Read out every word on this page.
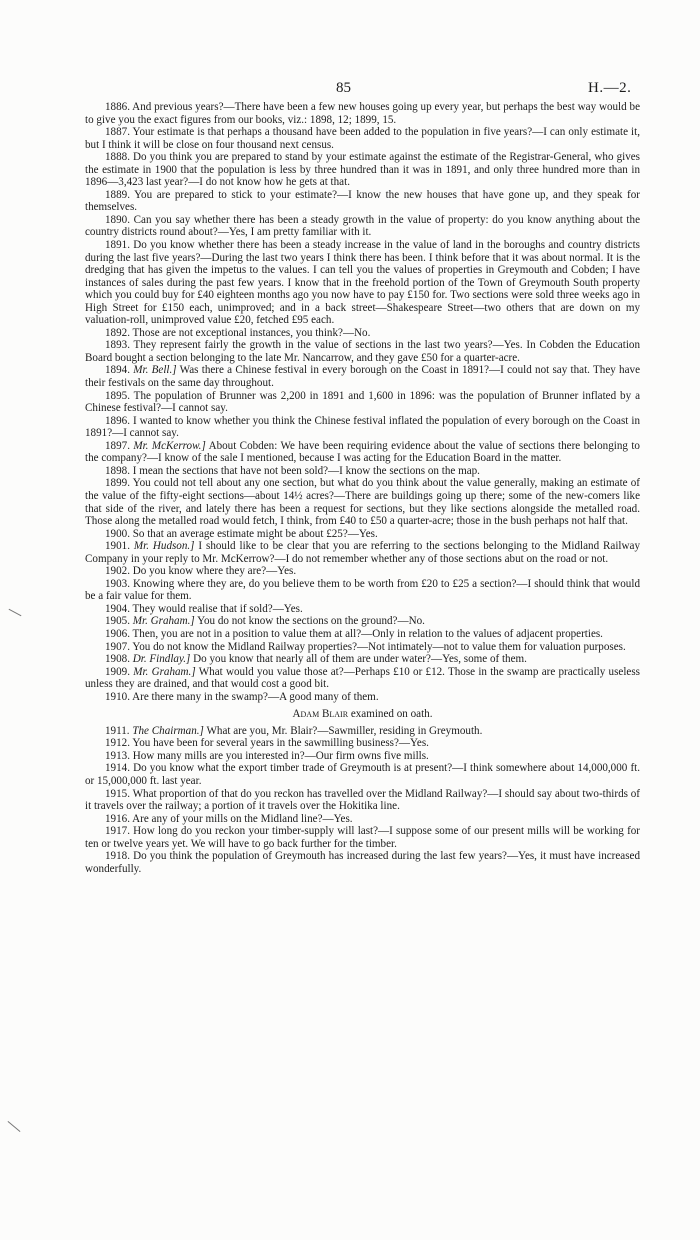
85	H.—2.

1886. And previous years?—There have been a few new houses going up every year, but perhaps the best way would be to give you the exact figures from our books, viz.: 1898, 12; 1899, 15.

1887. Your estimate is that perhaps a thousand have been added to the population in five years?—I can only estimate it, but I think it will be close on four thousand next census.

1888. Do you think you are prepared to stand by your estimate against the estimate of the Registrar-General, who gives the estimate in 1900 that the population is less by three hundred than it was in 1891, and only three hundred more than in 1896—3,423 last year?—I do not know how he gets at that.

1889. You are prepared to stick to your estimate?—I know the new houses that have gone up, and they speak for themselves.

1890. Can you say whether there has been a steady growth in the value of property: do you know anything about the country districts round about?—Yes, I am pretty familiar with it.

1891. Do you know whether there has been a steady increase in the value of land in the boroughs and country districts during the last five years?—During the last two years I think there has been. I think before that it was about normal. It is the dredging that has given the impetus to the values. I can tell you the values of properties in Greymouth and Cobden; I have instances of sales during the past few years. I know that in the freehold portion of the Town of Greymouth South property which you could buy for £40 eighteen months ago you now have to pay £150 for. Two sections were sold three weeks ago in High Street for £150 each, unimproved; and in a back street—Shakespeare Street—two others that are down on my valuation-roll, unimproved value £20, fetched £95 each.

1892. Those are not exceptional instances, you think?—No.

1893. They represent fairly the growth in the value of sections in the last two years?—Yes. In Cobden the Education Board bought a section belonging to the late Mr. Nancarrow, and they gave £50 for a quarter-acre.

1894. Mr. Bell.] Was there a Chinese festival in every borough on the Coast in 1891?—I could not say that. They have their festivals on the same day throughout.

1895. The population of Brunner was 2,200 in 1891 and 1,600 in 1896: was the population of Brunner inflated by a Chinese festival?—I cannot say.

1896. I wanted to know whether you think the Chinese festival inflated the population of every borough on the Coast in 1891?—I cannot say.

1897. Mr. McKerrow.] About Cobden: We have been requiring evidence about the value of sections there belonging to the company?—I know of the sale I mentioned, because I was acting for the Education Board in the matter.

1898. I mean the sections that have not been sold?—I know the sections on the map.

1899. You could not tell about any one section, but what do you think about the value generally, making an estimate of the value of the fifty-eight sections—about 14½ acres?—There are buildings going up there; some of the new-comers like that side of the river, and lately there has been a request for sections, but they like sections alongside the metalled road. Those along the metalled road would fetch, I think, from £40 to £50 a quarter-acre; those in the bush perhaps not half that.

1900. So that an average estimate might be about £25?—Yes.

1901. Mr. Hudson.] I should like to be clear that you are referring to the sections belonging to the Midland Railway Company in your reply to Mr. McKerrow?—I do not remember whether any of those sections abut on the road or not.

1902. Do you know where they are?—Yes.

1903. Knowing where they are, do you believe them to be worth from £20 to £25 a section?—I should think that would be a fair value for them.

1904. They would realise that if sold?—Yes.

1905. Mr. Graham.] You do not know the sections on the ground?—No.

1906. Then, you are not in a position to value them at all?—Only in relation to the values of adjacent properties.

1907. You do not know the Midland Railway properties?—Not intimately—not to value them for valuation purposes.

1908. Dr. Findlay.] Do you know that nearly all of them are under water?—Yes, some of them.

1909. Mr. Graham.] What would you value those at?—Perhaps £10 or £12. Those in the swamp are practically useless unless they are drained, and that would cost a good bit.

1910. Are there many in the swamp?—A good many of them.

Adam Blair examined on oath.

1911. The Chairman.] What are you, Mr. Blair?—Sawmiller, residing in Greymouth.

1912. You have been for several years in the sawmilling business?—Yes.

1913. How many mills are you interested in?—Our firm owns five mills.

1914. Do you know what the export timber trade of Greymouth is at present?—I think somewhere about 14,000,000 ft. or 15,000,000 ft. last year.

1915. What proportion of that do you reckon has travelled over the Midland Railway?—I should say about two-thirds of it travels over the railway; a portion of it travels over the Hokitika line.

1916. Are any of your mills on the Midland line?—Yes.

1917. How long do you reckon your timber-supply will last?—I suppose some of our present mills will be working for ten or twelve years yet. We will have to go back further for the timber.

1918. Do you think the population of Greymouth has increased during the last few years?—Yes, it must have increased wonderfully.
